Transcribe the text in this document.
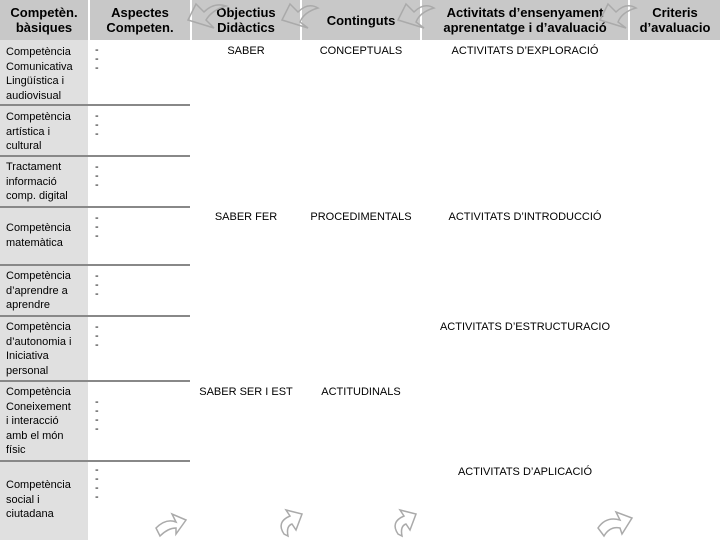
Competèn.
bàsiques
Aspectes
Competen.
Objectius
Didàctics	Continguts	Activitats d’ensenyament
aprenentatge i d’avaluació
Criteris
d’avaluacio
Competència
Comunicativa
Lingüística i
audiovisual
Competència
artística i
cultural
Tractament
informació
comp. digital
Competència
matemàtica
Competència
d’aprendre a
aprendre
Competència
d’autonomia i
Iniciativa
personal
Competència
Coneixement
i interacció
amb el món
físic
Competència
social i
ciutadana
-
-
-
-
-
-
-
-
-
-
-
-
-
-
-
-
-
-
-
-
-
-
-
-
-
-
SABER
SABER FER
SABER SER I EST
CONCEPTUALS
PROCEDIMENTALS
ACTITUDINALS
ACTIVITATS D’EXPLORACIÓ
ACTIVITATS D’INTRODUCCIÓ
ACTIVITATS D’ESTRUCTURACIO
ACTIVITATS D’APLICACIÓ
